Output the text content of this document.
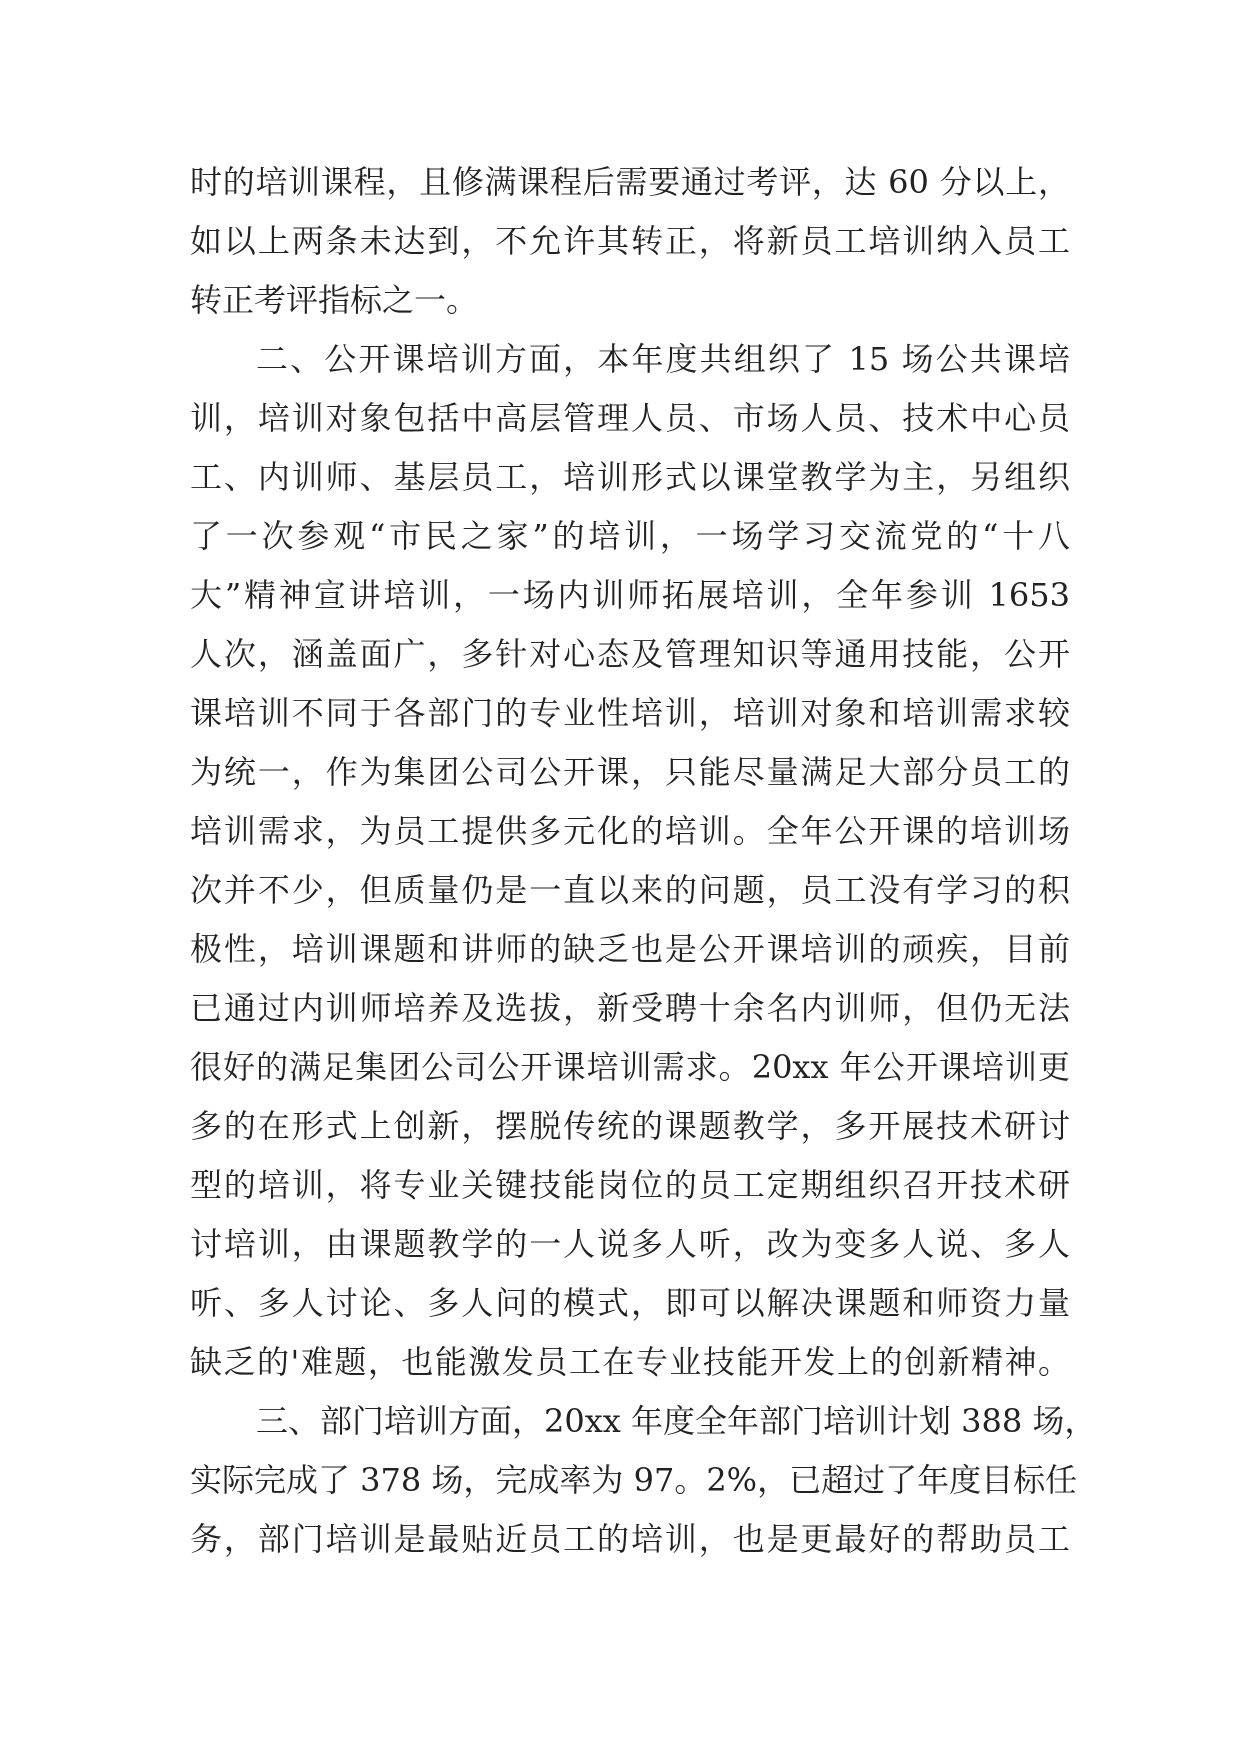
时的培训课程，且修满课程后需要通过考评，达 60 分以上，
如以上两条未达到，不允许其转正，将新员工培训纳入员工
转正考评指标之一。
二、公开课培训方面，本年度共组织了 15 场公共课培
训，培训对象包括中高层管理人员、市场人员、技术中心员
工、内训师、基层员工，培训形式以课堂教学为主，另组织
了一次参观“市民之家”的培训，一场学习交流党的“十八
大”精神宣讲培训，一场内训师拓展培训，全年参训 1653
人次，涵盖面广，多针对心态及管理知识等通用技能，公开
课培训不同于各部门的专业性培训，培训对象和培训需求较
为统一，作为集团公司公开课，只能尽量满足大部分员工的
培训需求，为员工提供多元化的培训。全年公开课的培训场
次并不少，但质量仍是一直以来的问题，员工没有学习的积
极性，培训课题和讲师的缺乏也是公开课培训的顽疾，目前
已通过内训师培养及选拔，新受聘十余名内训师，但仍无法
很好的满足集团公司公开课培训需求。20xx 年公开课培训更
多的在形式上创新，摆脱传统的课题教学，多开展技术研讨
型的培训，将专业关键技能岗位的员工定期组织召开技术研
讨培训，由课题教学的一人说多人听，改为变多人说、多人
听、多人讨论、多人问的模式，即可以解决课题和师资力量
缺乏的'难题，也能激发员工在专业技能开发上的创新精神。
三、部门培训方面，20xx 年度全年部门培训计划 388 场，
实际完成了 378 场，完成率为 97。2%，已超过了年度目标任
务，部门培训是最贴近员工的培训，也是更最好的帮助员工
